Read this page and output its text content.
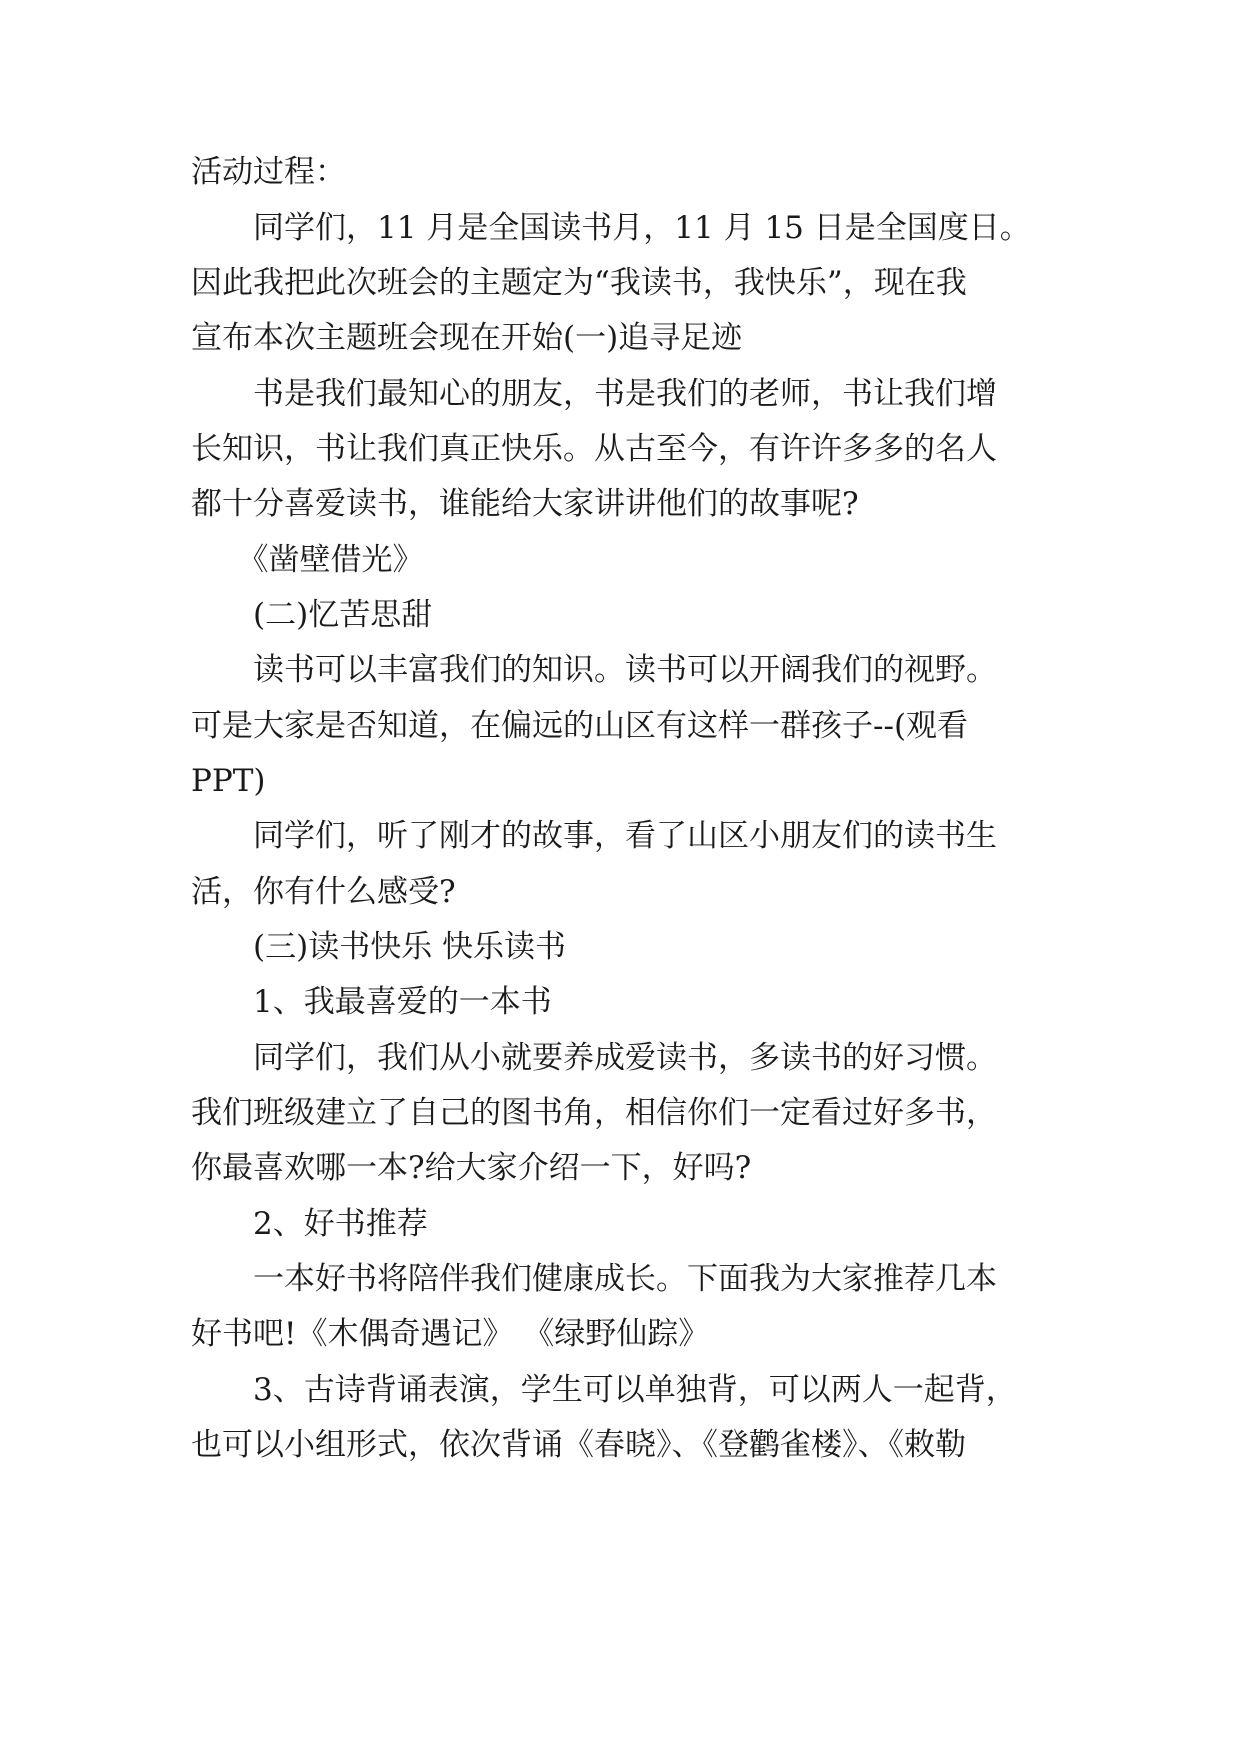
活动过程：
　　同学们，11 月是全国读书月，11 月 15 日是全国度日。
因此我把此次班会的主题定为“我读书，我快乐”，现在我
宣布本次主题班会现在开始(一)追寻足迹
　　书是我们最知心的朋友，书是我们的老师，书让我们增
长知识，书让我们真正快乐。从古至今，有许许多多的名人
都十分喜爱读书，谁能给大家讲讲他们的故事呢?
　　《凿壁借光》
　　(二)忆苦思甜
　　读书可以丰富我们的知识。读书可以开阔我们的视野。
可是大家是否知道，在偏远的山区有这样一群孩子--(观看
PPT)
　　同学们，听了刚才的故事，看了山区小朋友们的读书生
活，你有什么感受?
　　(三)读书快乐 快乐读书
　　1、我最喜爱的一本书
　　同学们，我们从小就要养成爱读书，多读书的好习惯。
我们班级建立了自己的图书角，相信你们一定看过好多书，
你最喜欢哪一本?给大家介绍一下，好吗?
　　2、好书推荐
　　一本好书将陪伴我们健康成长。下面我为大家推荐几本
好书吧!《木偶奇遇记》 《绿野仙踪》
　　3、古诗背诵表演，学生可以单独背，可以两人一起背，
也可以小组形式，依次背诵《春晓》、《登鹳雀楼》、《敕勒
